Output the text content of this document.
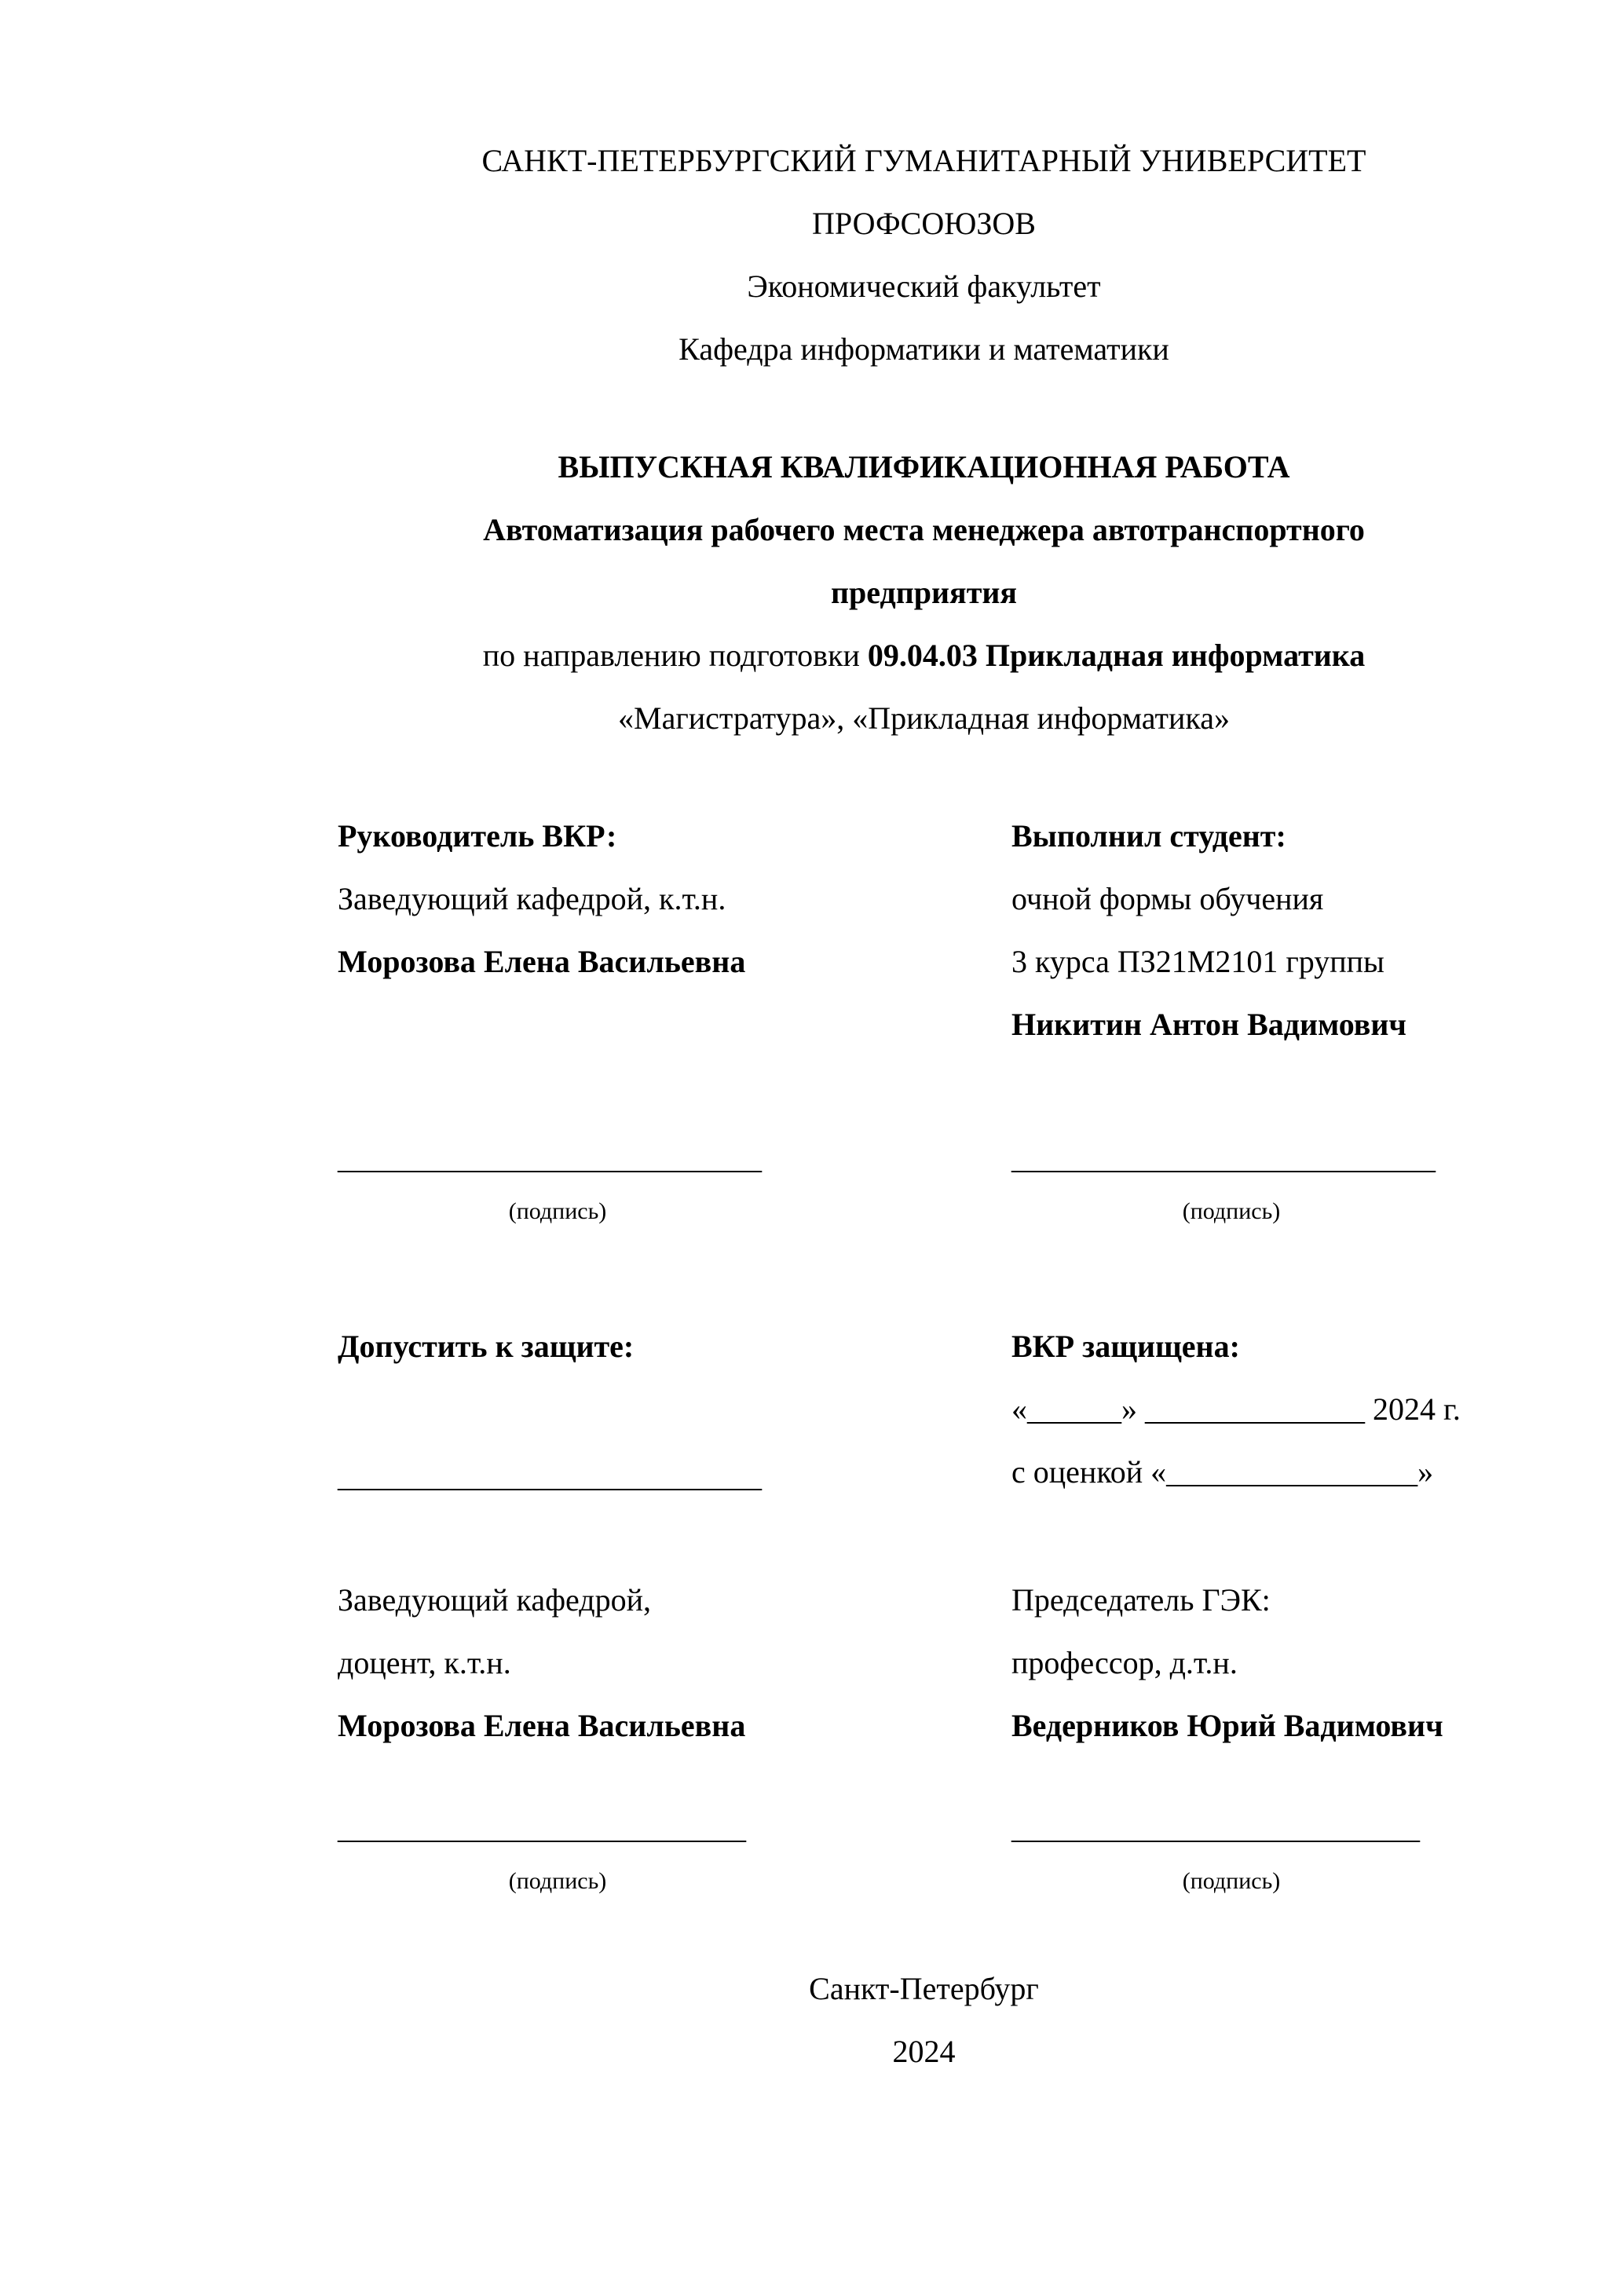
САНКТ-ПЕТЕРБУРГСКИЙ ГУМАНИТАРНЫЙ УНИВЕРСИТЕТ

ПРОФСОЮЗОВ

Экономический факультет

Кафедра информатики и математики

ВЫПУСКНАЯ КВАЛИФИКАЦИОННАЯ РАБОТА

Автоматизация рабочего места менеджера автотранспортного

предприятия

по направлению подготовки 09.04.03 Прикладная информатика

«Магистратура», «Прикладная информатика»

Руководитель ВКР:

Заведующий кафедрой, к.т.н.

Морозова Елена Васильевна

Выполнил студент:

очной формы обучения

3 курса ПЗ21М2101 группы

Никитин Антон Вадимович

___________________________

(подпись)

___________________________

(подпись)

Допустить к защите:

___________________________

ВКР защищена:

«______» ______________ 2024 г.

с оценкой «________________»

Заведующий кафедрой,

доцент, к.т.н.

Морозова Елена Васильевна

Председатель ГЭК:

профессор, д.т.н.

Ведерников Юрий Вадимович

__________________________

(подпись)

__________________________

(подпись)

Санкт-Петербург

2024
